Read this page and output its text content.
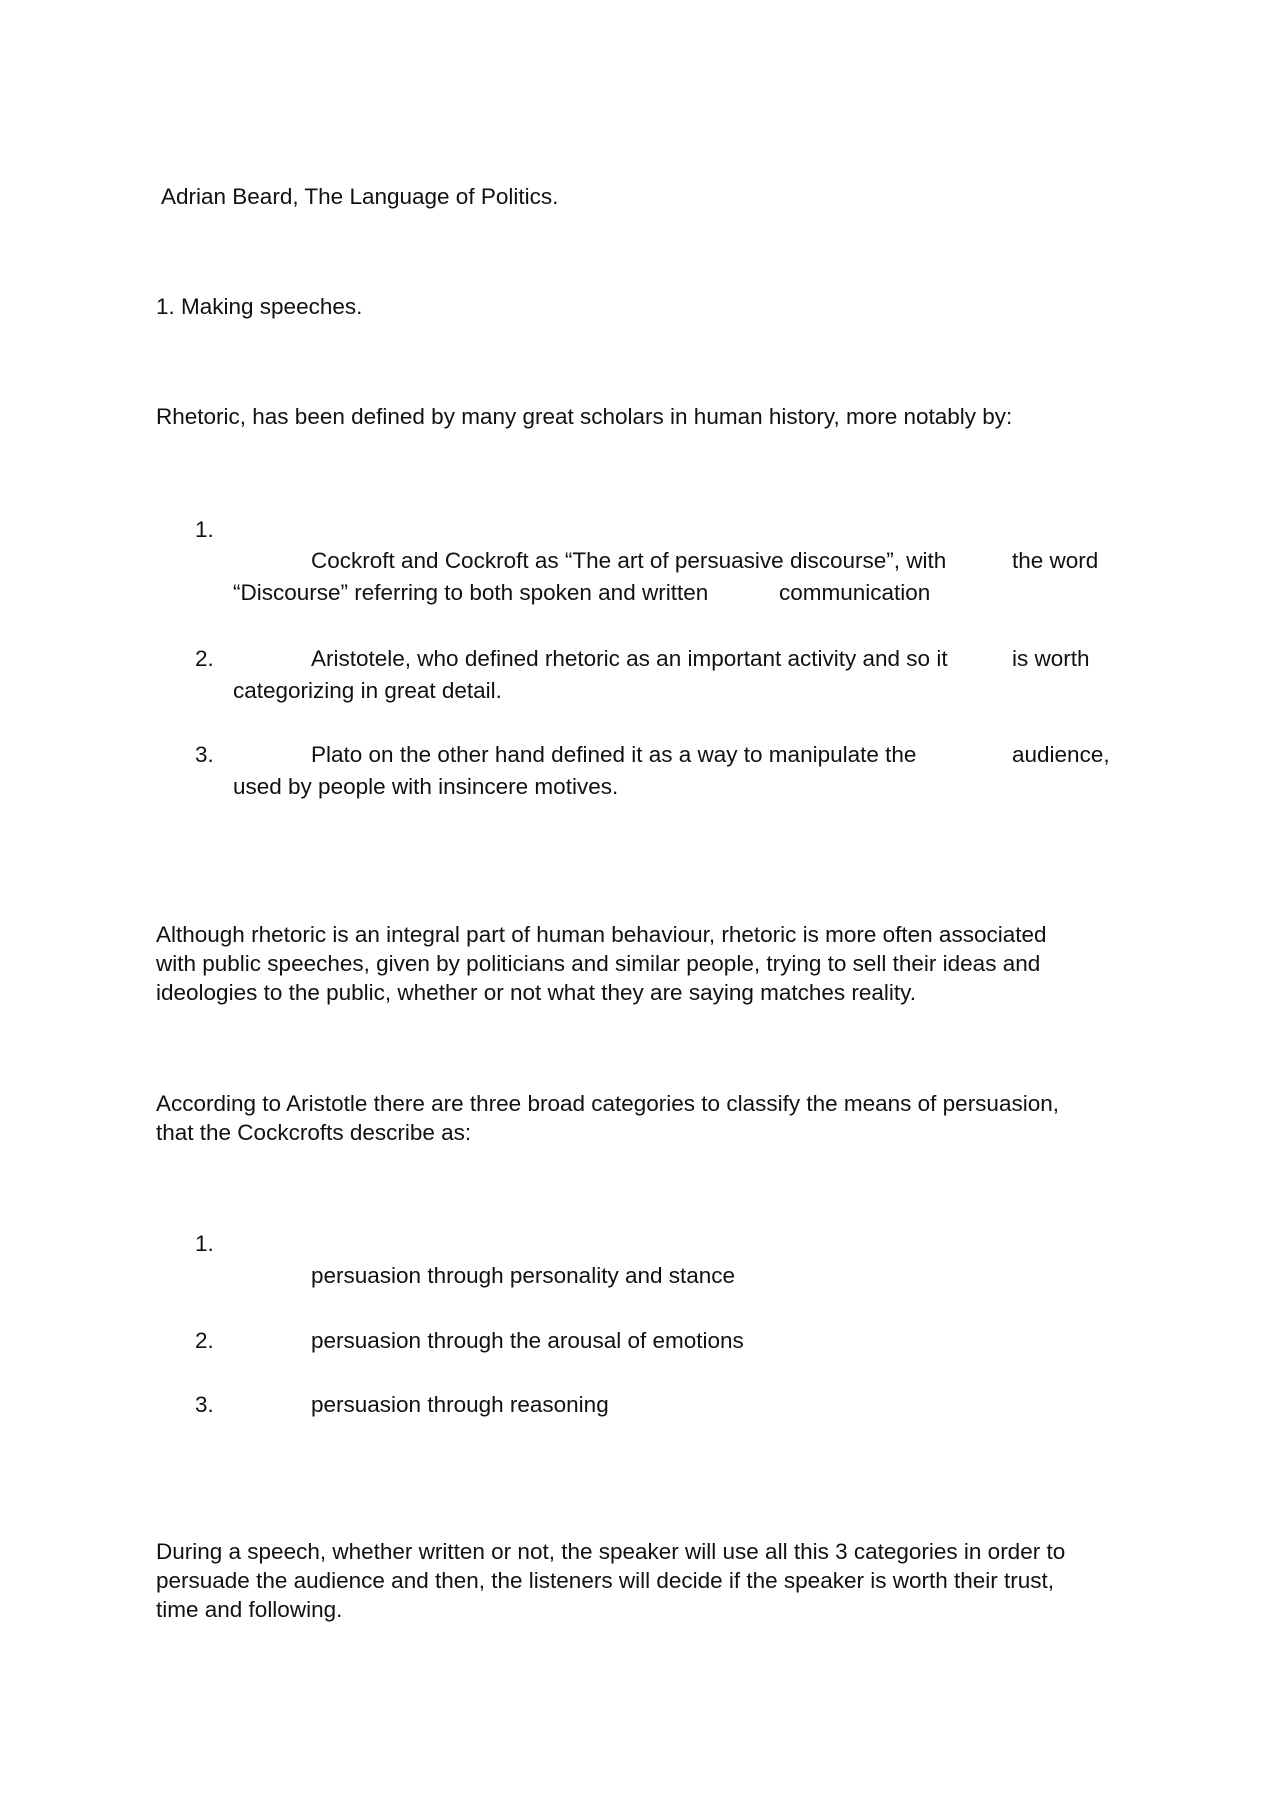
Adrian Beard, The Language of Politics.
1. Making speeches.
Rhetoric, has been defined by many great scholars in human history, more notably by:
1.
Cockroft and Cockroft as “The art of persuasive discourse”, with	the word
“Discourse” referring to both spoken and written	communication
2.	Aristotele, who defined rhetoric as an important activity and so it	is worth
categorizing in great detail.
3.	Plato on the other hand defined it as a way to manipulate the	audience,
used by people with insincere motives.
Although rhetoric is an integral part of human behaviour, rhetoric is more often associated
with public speeches, given by politicians and similar people, trying to sell their ideas and
ideologies to the public, whether or not what they are saying matches reality.
According to Aristotle there are three broad categories to classify the means of persuasion,
that the Cockcrofts describe as:
1.
persuasion through personality and stance
2.	persuasion through the arousal of emotions
3.	persuasion through reasoning
During a speech, whether written or not, the speaker will use all this 3 categories in order to
persuade the audience and then, the listeners will decide if the speaker is worth their trust,
time and following.
